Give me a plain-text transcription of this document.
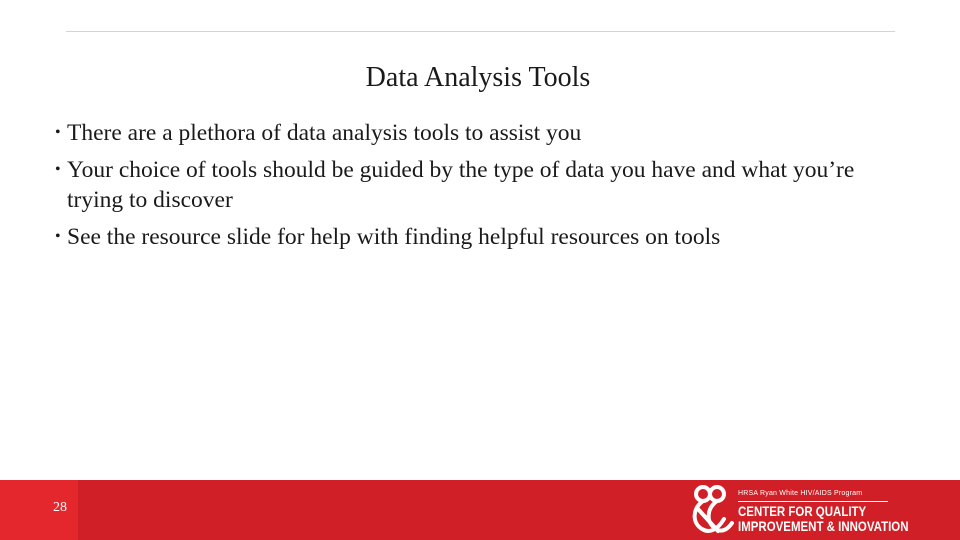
Data Analysis Tools
• There are a plethora of data analysis tools to assist you
• Your choice of tools should be guided by the type of data you have and what you’re trying to discover
• See the resource slide for help with finding helpful resources on tools
28
HRSA Ryan White HIV/AIDS Program
CENTER FOR QUALITY
IMPROVEMENT & INNOVATION
